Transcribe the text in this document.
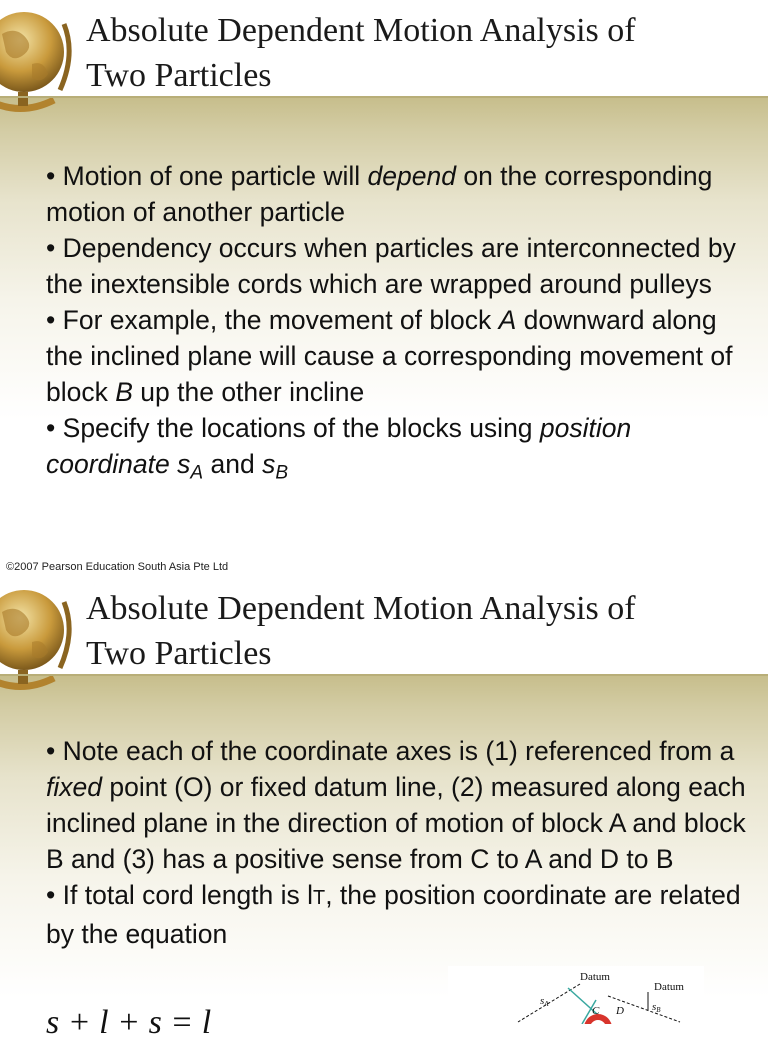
Absolute Dependent Motion Analysis of
Two Particles

• Motion of one particle will depend on the corresponding motion of another particle

• Dependency occurs when particles are interconnected by the inextensible cords which are wrapped around pulleys

• For example, the movement of block A downward along the inclined plane will cause a corresponding movement of block B up the other incline

• Specify the locations of the blocks using position coordinate $s_A$ and $s_B$

©2007 Pearson Education South Asia Pte Ltd
Absolute Dependent Motion Analysis of
Two Particles

• Note each of the coordinate axes is (1) referenced from a fixed point (O) or fixed datum line, (2) measured along each inclined plane in the direction of motion of block A and block B and (3) has a positive sense from C to A and D to B

• If total cord length is lT, the position coordinate are related by the equation

s + l + s = l
Datum
Datum
sA
C D	sB
